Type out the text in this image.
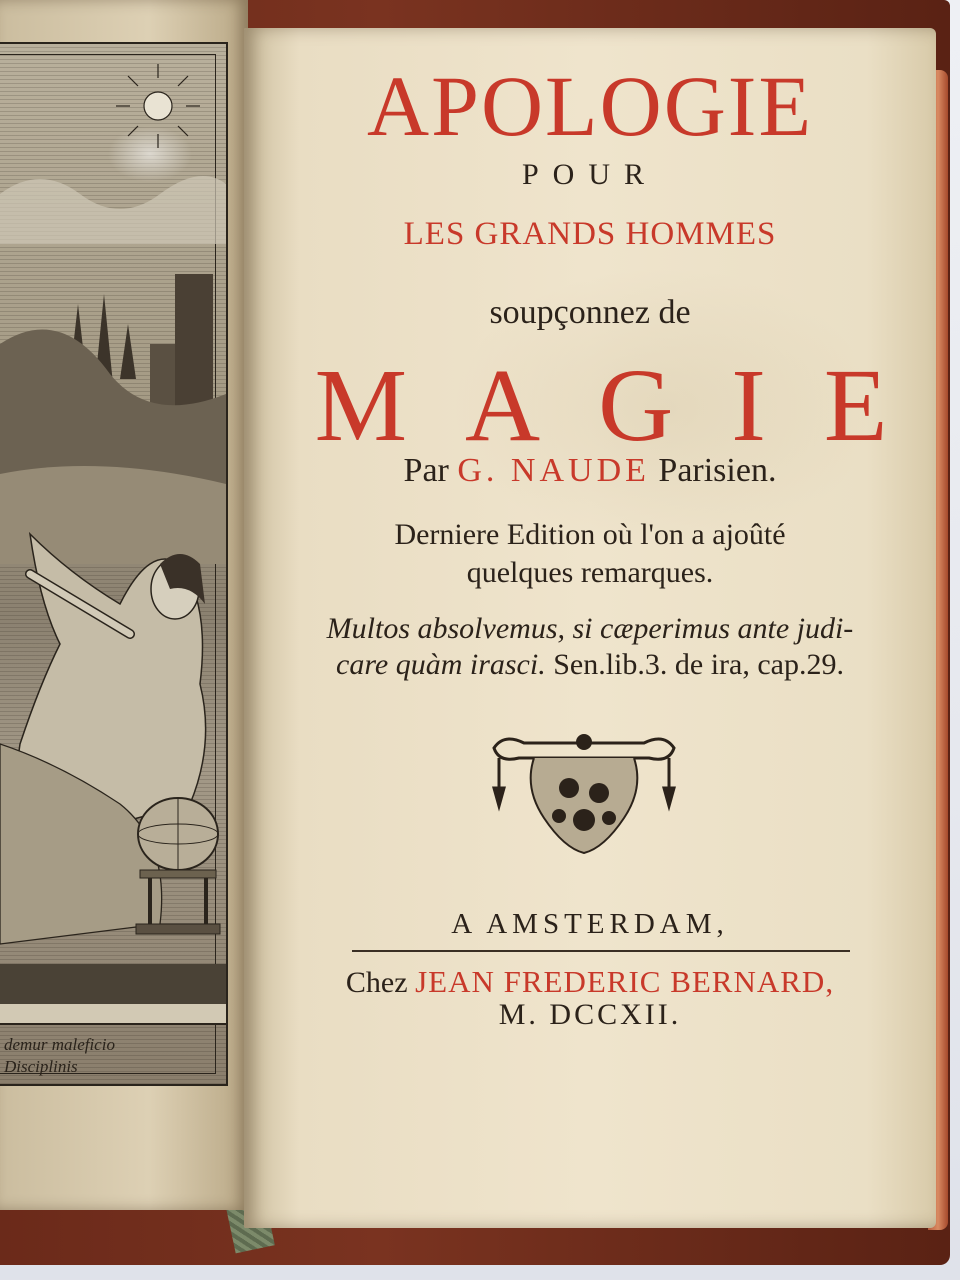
demur maleficio
Disciplinis
APOLOGIE
POUR
LES GRANDS HOMMES
soupçonnez de
MAGIE
Par G. NAUDE Parisien.
Derniere Edition où l'on a ajoûté
quelques remarques.
Multos absolvemus, si cæperimus ante judi-
care quàm irasci. Sen.lib.3. de ira, cap.29.
A AMSTERDAM,
Chez JEAN FREDERIC BERNARD,
M. DCCXII.
